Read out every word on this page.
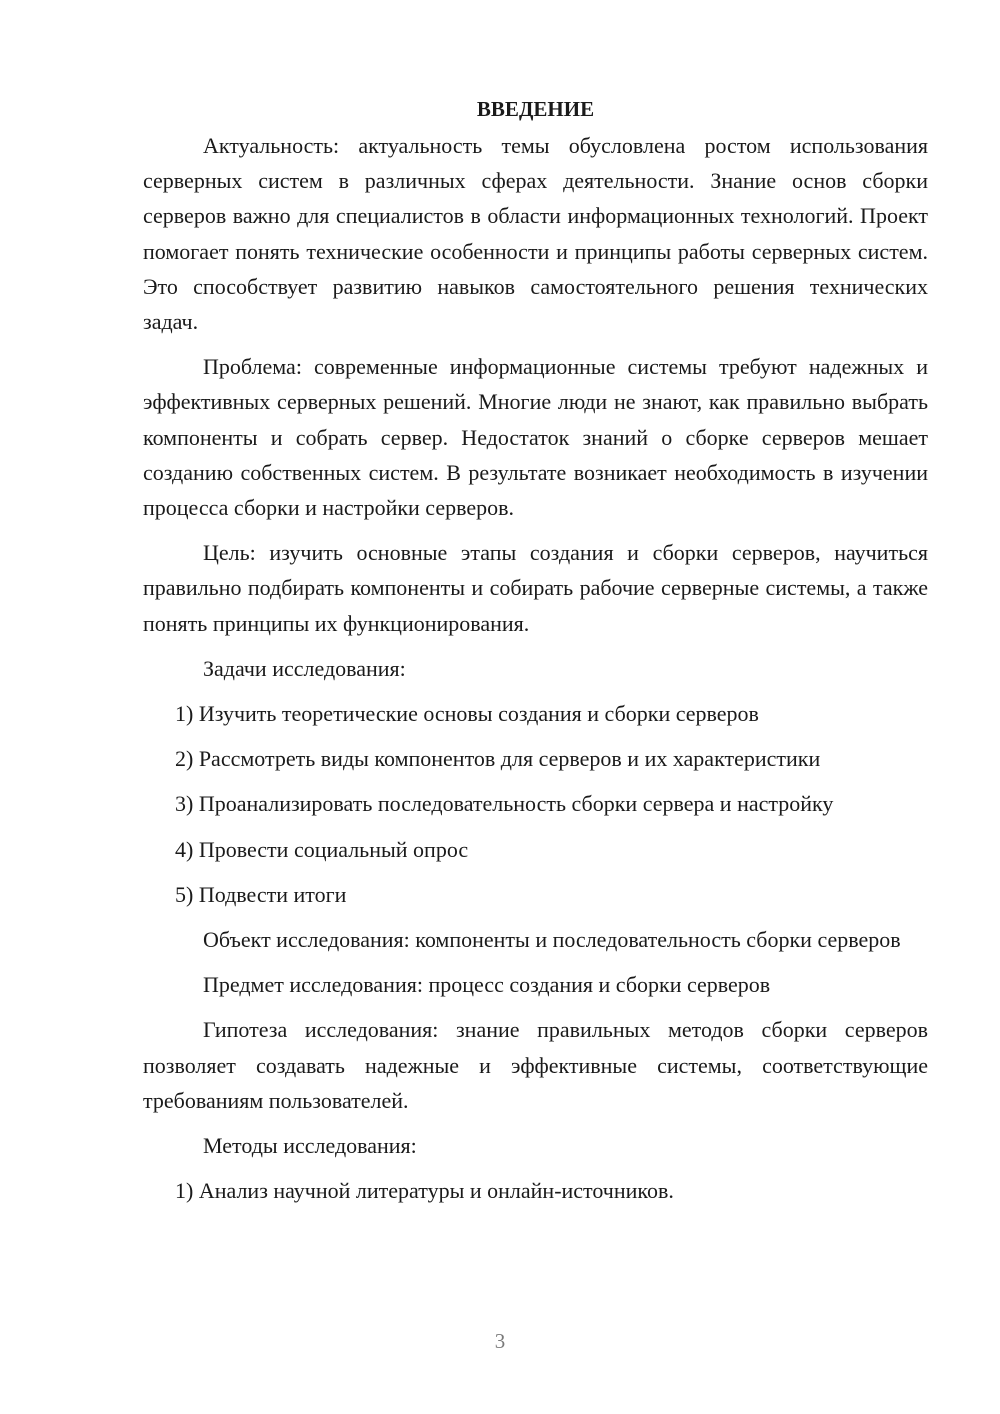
ВВЕДЕНИЕ

Актуальность: актуальность темы обусловлена ростом использования серверных систем в различных сферах деятельности. Знание основ сборки серверов важно для специалистов в области информационных технологий. Проект помогает понять технические особенности и принципы работы серверных систем. Это способствует развитию навыков самостоятельного решения технических задач.

Проблема: современные информационные системы требуют надежных и эффективных серверных решений. Многие люди не знают, как правильно выбрать компоненты и собрать сервер. Недостаток знаний о сборке серверов мешает созданию собственных систем. В результате возникает необходимость в изучении процесса сборки и настройки серверов.

Цель: изучить основные этапы создания и сборки серверов, научиться правильно подбирать компоненты и собирать рабочие серверные системы, а также понять принципы их функционирования.

Задачи исследования:
1) Изучить теоретические основы создания и сборки серверов
2) Рассмотреть виды компонентов для серверов и их характеристики
3) Проанализировать последовательность сборки сервера и настройку
4) Провести социальный опрос
5) Подвести итоги

Объект исследования: компоненты и последовательность сборки серверов

Предмет исследования: процесс создания и сборки серверов

Гипотеза исследования: знание правильных методов сборки серверов позволяет создавать надежные и эффективные системы, соответствующие требованиям пользователей.

Методы исследования:
1) Анализ научной литературы и онлайн-источников.
3
